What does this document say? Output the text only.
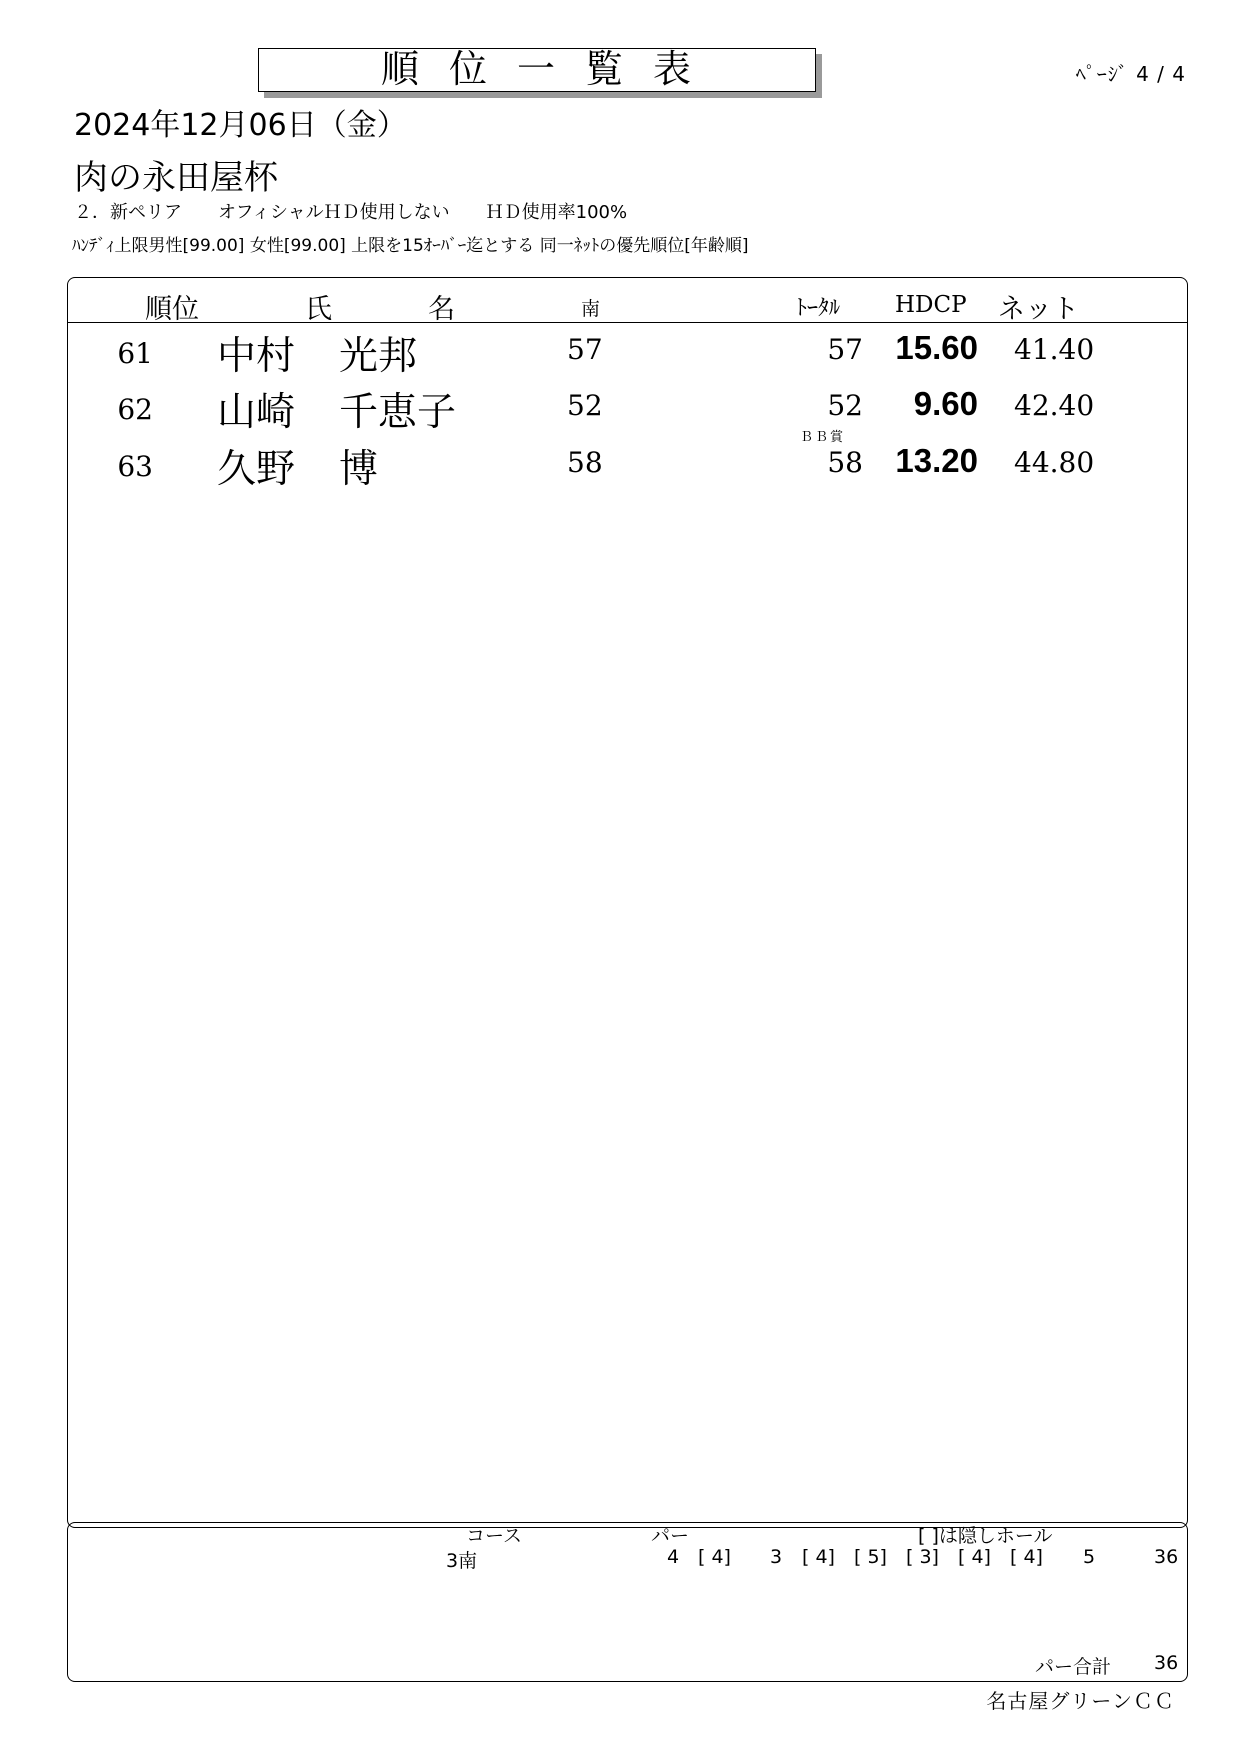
順位一覧表	ﾍﾟｰｼﾞ 4 / 4
2024年12月06日（金）
肉の永田屋杯
２．新ペリア　　オフィシャルＨＤ使用しない　　ＨＤ使用率100%
ﾊﾝﾃﾞｨ上限男性[99.00] 女性[99.00] 上限を15ｵｰﾊﾞｰ迄とする 同一ﾈｯﾄの優先順位[年齢順]
順位	氏	名	南	ﾄｰﾀﾙ HDCP ネット
61 中村 光邦	57	57 15.60 41.40
62 山崎 千恵子	52	52 9.60 42.40
ＢＢ賞
63 久野 博	58	58 13.20 44.80
コース	パー	[ ]は隠しホール
3南	4 [ 4] 3 [ 4] [ 5] [ 3] [ 4] [ 4] 5	36
パー合計 36
名古屋グリーンＣＣ
